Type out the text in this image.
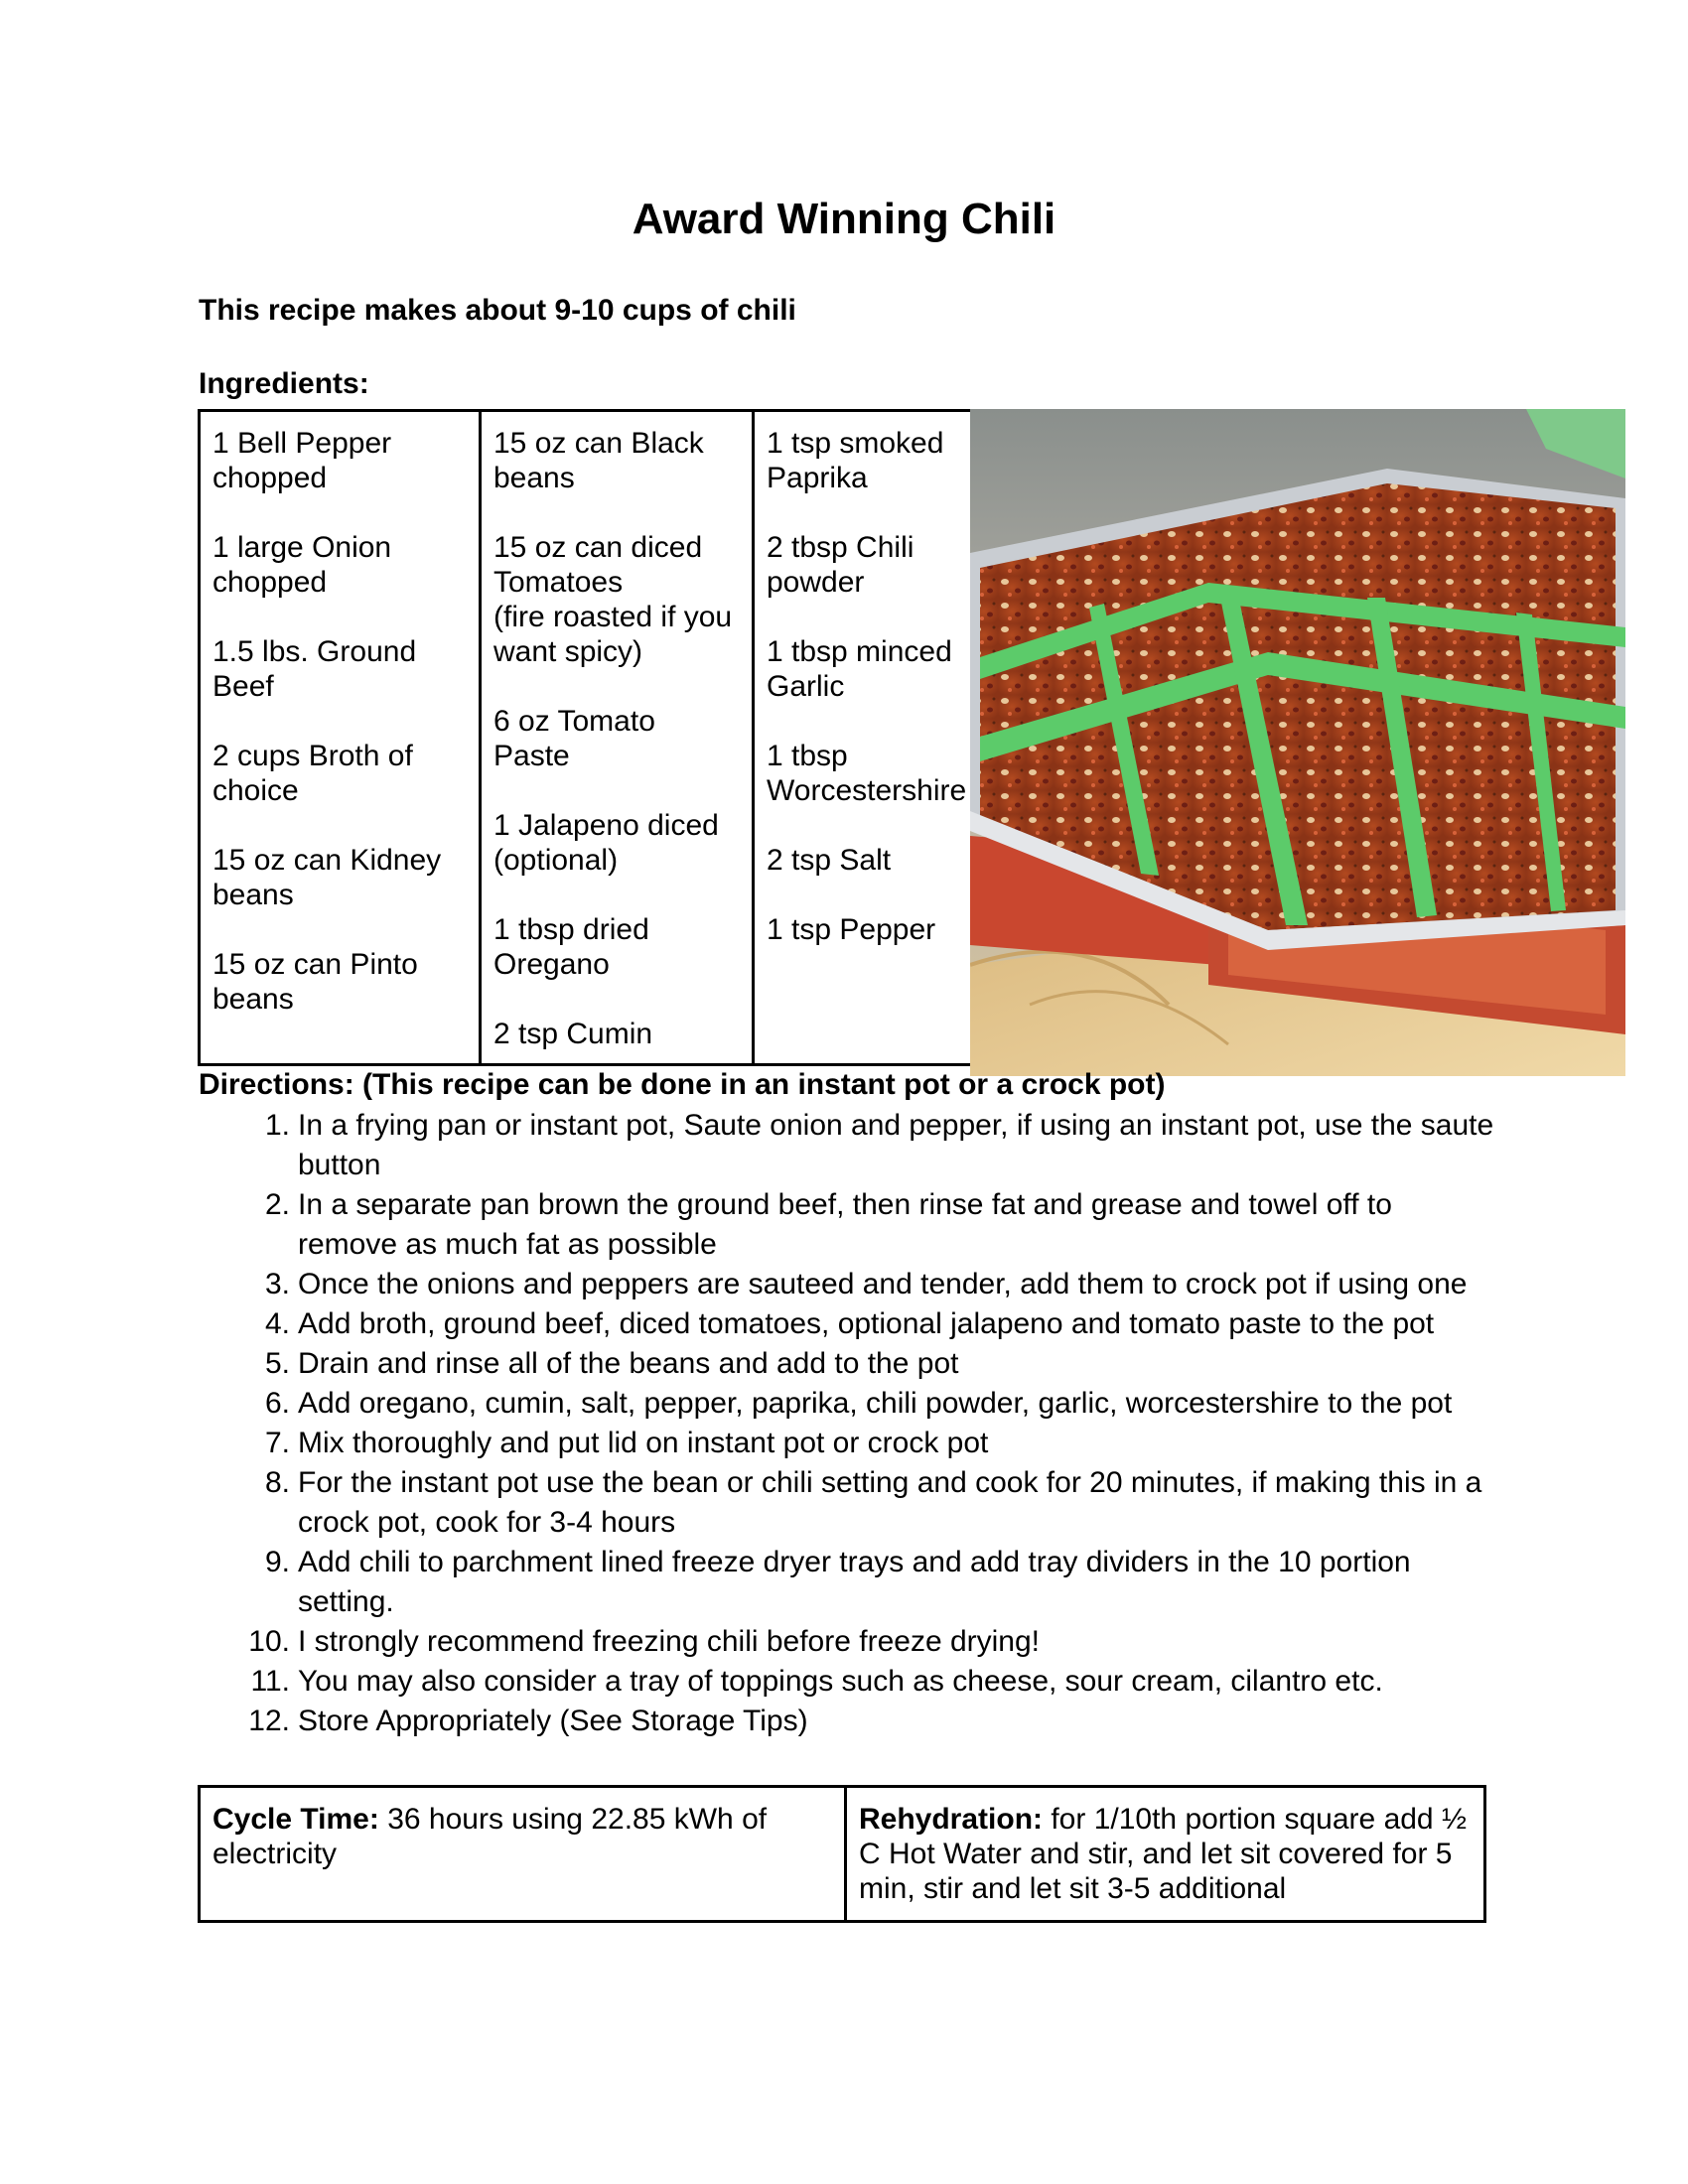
Award Winning Chili

This recipe makes about 9-10 cups of chili

Ingredients:

1 Bell Pepper
chopped

1 large Onion
chopped

1.5 lbs. Ground
Beef

2 cups Broth of
choice

15 oz can Kidney
beans

15 oz can Pinto
beans	15 oz can Black
beans

15 oz can diced
Tomatoes
(fire roasted if you
want spicy)

6 oz Tomato
Paste

1 Jalapeno diced
(optional)

1 tbsp dried
Oregano

2 tsp Cumin	1 tsp smoked
Paprika

2 tbsp Chili
powder

1 tbsp minced
Garlic

1 tbsp
Worcestershire

2 tsp Salt

1 tsp Pepper

Directions: (This recipe can be done in an instant pot or a crock pot)

1 . In a frying pan or instant pot, Saute onion and pepper, if using an instant pot, use the saute button
2 . In a separate pan brown the ground beef, then rinse fat and grease and towel off to remove as much fat as possible
3 . Once the onions and peppers are sauteed and tender, add them to crock pot if using one
4 . Add broth, ground beef, diced tomatoes, optional jalapeno and tomato paste to the pot
5 . Drain and rinse all of the beans and add to the pot
6 . Add oregano, cumin, salt, pepper, paprika, chili powder, garlic, worcestershire to the pot
7 . Mix thoroughly and put lid on instant pot or crock pot
8 . For the instant pot use the bean or chili setting and cook for 20 minutes, if making this in a crock pot, cook for 3-4 hours
9 . Add chili to parchment lined freeze dryer trays and add tray dividers in the 10 portion setting.
10 . I strongly recommend freezing chili before freeze drying!
11 . You may also consider a tray of toppings such as cheese, sour cream, cilantro etc.
12 . Store Appropriately (See Storage Tips)
Cycle Time: 36 hours using 22.85 kWh of electricity	Rehydration: for 1/10th portion square add ½ C Hot Water and stir, and let sit covered for 5 min, stir and let sit 3-5 additional
